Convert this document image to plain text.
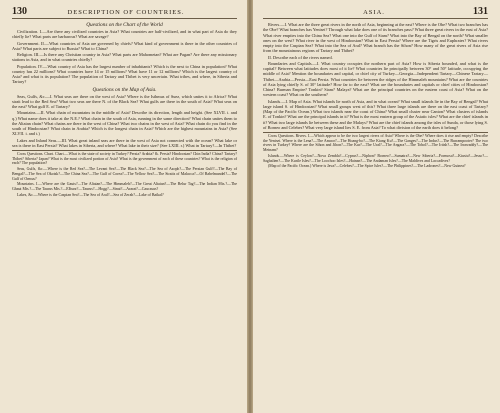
130	DESCRIPTION OF COUNTRIES.
Questions on the Chart of the World

Civilization. I.—Are there any civilized countries in Asia? What countries are half-civilized, and in what part of Asia do they chiefly lie? What parts are barbarous? What are savage?

Government. II.—What countries of Asia are governed by chiefs? What kind of government is there in the other countries of Asia? What parts are subject to Russia? What to China?

Religion. III.—Is there any Christian country in Asia? What parts are Mahometan? What are Pagan? Are there any missionary stations in Asia, and in what countries chiefly?

Population. IV.—What country of Asia has the largest number of inhabitants? Which is the next to China in population? What country has 22 millions? What countries have 14 or 15 millions? What have 11 or 12 millions? Which is the largest country of Asia? and what is its population? The population of Tartary and Thibet is very uncertain. What tribes, and where, in Siberia and Tartary?

Questions on the Map of Asia.

Seas, Gulfs, &c.—I. What seas are there on the west of Asia? Where is the Isthmus of Suez, which unites it to Africa? What strait lead to the Red Sea? What two seas are there N. of the Black Sea? What gulfs are there in the south of Asia? What seas on the east? What gulf E. of Tartary?

Mountains.—II. What chain of mountains in the middle of Asia? Describe its direction, length and height. (See XLVII. i. and q.) What name does it take at the N.E.? What chain in the south of Asia, running in the same direction? What chain unites them to the Altaian chain? What chains are there in the west of China? What two chains in the west of Asia? What chain do you find in the south of Hindoostan? What chain in Arabia? Which is the longest chain in Asia? Which are the highest mountains in Asia? (See XLVII. i. and t.)

Lakes and Inland Seas.—III. What great inland seas are there in the west of Asia not connected with the ocean? What lake or sea is there in East Persia? What lakes in Siberia, and where? What lake in their size? (See LXIII. r.) What in Tartary?—In Thibet?

Cross Questions. Chart. Chart.—What is the state of society in Turkey? Persia? Arabia? &. Persia? Hindoostan? Chin India? China? Tartary? Thibet? Siberia? Japan? What is the most civilized portion of Asia? What is the government of each of these countries? What is the religion of each? The population?

Seas, Gulfs, &c.—Where is the Red Sea?—The Levant Sea?—The Black Sea?—The Sea of Azoph?—The Persian Gulf?—The Bay of Bengal?—The Sea of Okotsk?—The China Sea?—The Gulf of Corea?—The Yellow Sea?—The Straits of Malacca?—Of Babelmandel?—The Gulf of Ormus?

Mountains. I.—Where are the Gauts?—The Altaian?—The Himmaleh?—The Great Altaian?—The Belur Tag?—The Indian Mts.?—The Ghaut Mts.?—The Taurus Mts.?—Elburz?—Taurus?—Hogg?—Sinai?—Ararat?—Caucasus?

Lakes, &c.—Where is the Caspian Sea?—The Sea of Aral?—Sea of Zerah?—Lake of Baikal?

ASIA.	131

Rivers.—I. What are the three great rivers in the north of Asia, beginning at the east? Where is the Obe? What two branches has the Obe? What branches has Yenisei? Through what lake does one of its branches pass? What three great rivers in the east of Asia? What river empties into the China Sea? What one into the Gulf of Siam? What into the Bay of Bengal on the north? What smaller ones on the west? What river in the west of Hindoostan? What in East Persia? Where are the Tigris and Euphrates? What rivers empty into the Caspian Sea? What into the Sea of Aral? What branch has the Sihon? How many of the great rivers of Asia rise from the mountainous regions of Tartary and Thibet?

II. Describe each of the rivers named.

Boundaries and Capitals.—I. What country occupies the northern part of Asia? How is Siberia bounded, and what is the capital? Between what latitudes does most of it lie? What countries lie principally between 30° and 50° latitude, occupying the middle of Asia? Mention the boundaries and capital, or chief city of Turkey—Georgia—Independent Tartary—Chinese Tartary—Thibet—Arabia—Persia—East Persia. What countries lie between the ridges of the Himmaleh mountains? What are the countries of Asia lying chiefly S. of 30° latitude? How far to the east? What are the boundaries and capitals or chief cities of Hindoostan? China? Burman Empire? Tonkin? Siam? Malaya? What are the principal countries on the eastern coast of Asia? What on the western coast? What on the southern?

Islands.—I. Map of Asia. What islands lie north of Asia, and in what ocean? What small islands lie in the Bay of Bengal? What large island S. of Hindoostan? What small groups west of this? What three large islands are there on the east coast of Tartary? (Map of the Pacific Ocean.) What two islands near the coast of China? What small cluster near Canton? What clusters of islands E. of Tonkin? What are the principal islands in it? What is the most eastern group of the Asiatic isles? What are the chief islands in it? What two large islands lie between these and the Malays? What are the chief islands among the isles of Sunda, or those lying S. of Borneo and Celebes? What very large island lies S. E. from Asia? To what division of the earth does it belong?

Cross Questions. Rivers. I.—Which appear to be the two largest rivers of Asia? Where is the Obe? Where does it rise and empty? Describe the Yenisei. Where is the Lena?—The Amoor?—The Hoang-ho?—The Kiang Ku?—The Ganges?—The Indus?—The Burrampooter? The two rivers in Turkey? Where are the Sihon and Jihon?—The Kur?—The Ural?—The Angara?—The Tobol?—The Irtish?—The Irrawaddy?—The Meinam?

Islands.—Where is Ceylon?—Nova Zembla?—Cyprus?—Niphon? Borneo?—Sumatra?—New Siberia?—Formosa?—Kiusiu?—Jesso?—Saghalien?—The Kurile Isles?—The Loochoo Isles?—Hainan?—The Andaman Isles?—The Maldives and Laccadives?

(Map of the Pacific Ocean.) Where is Java?—Celebes?—The Spice Isles?—The Philippines?—The Ladrones?—New Guinea?
